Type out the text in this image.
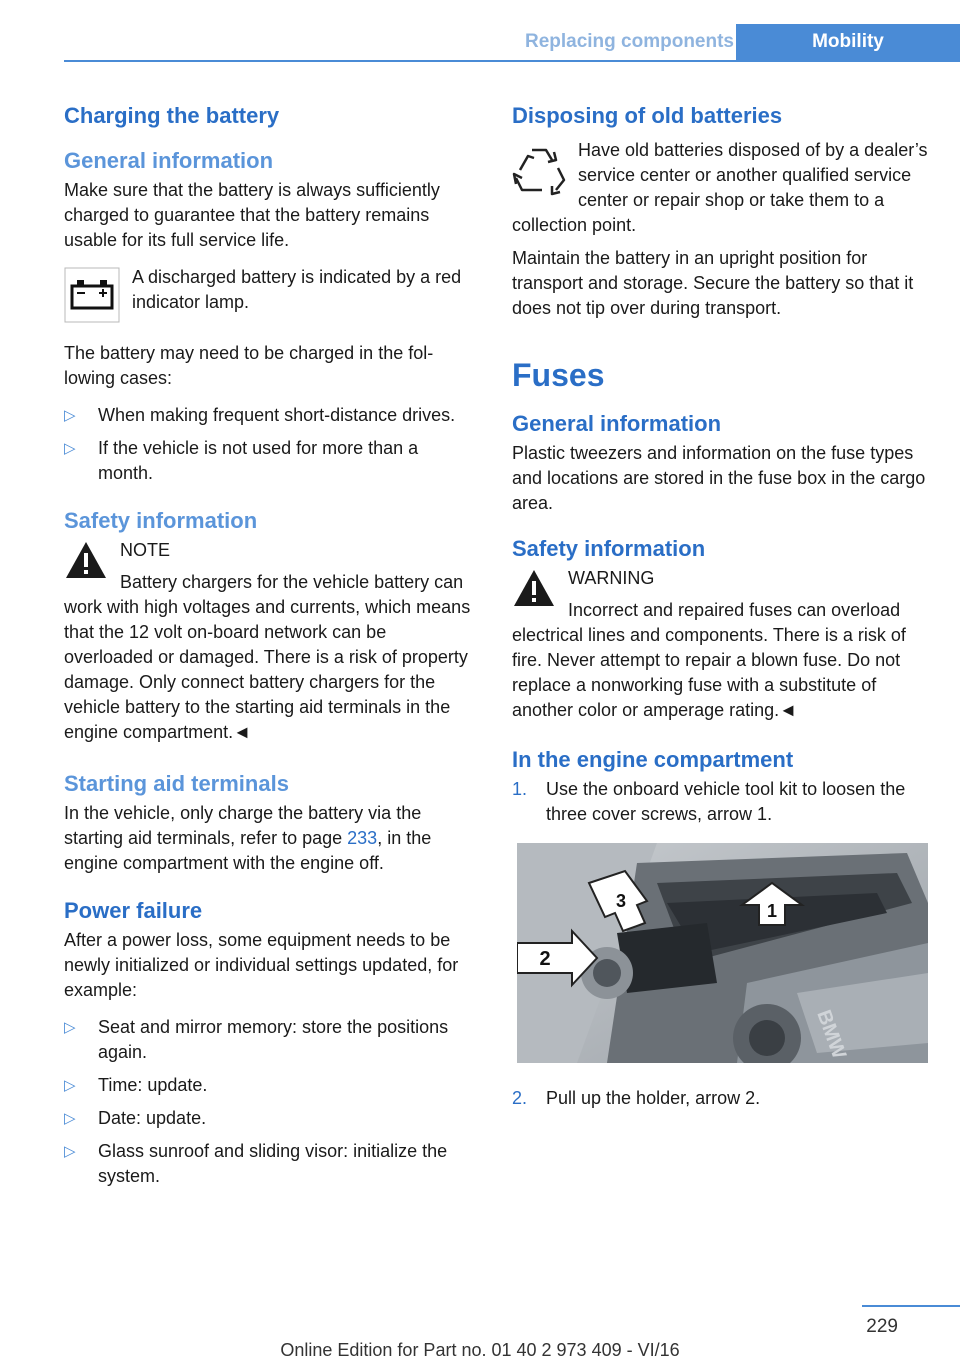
Replacing components	Mobility
Charging the battery
General information

Make sure that the battery is always sufficiently charged to guarantee that the battery remains usable for its full service life.

A discharged battery is indicated by a red indicator lamp.

The battery may need to be charged in the following cases:

▷ When making frequent short-distance drives.
▷ If the vehicle is not used for more than a month.
Safety information

NOTE
Battery chargers for the vehicle battery can work with high voltages and currents, which means that the 12 volt on-board network can be overloaded or damaged. There is a risk of property damage. Only connect battery chargers for the vehicle battery to the starting aid terminals in the engine compartment.◄

Starting aid terminals

In the vehicle, only charge the battery via the starting aid terminals, refer to page 233, in the engine compartment with the engine off.

Power failure

After a power loss, some equipment needs to be newly initialized or individual settings updated, for example:

▷ Seat and mirror memory: store the positions again.
▷ Time: update.
▷ Date: update.
▷ Glass sunroof and sliding visor: initialize the system.
Disposing of old batteries

Have old batteries disposed of by a dealer’s service center or another qualified service center or repair shop or take them to a collection point.

Maintain the battery in an upright position for transport and storage. Secure the battery so that it does not tip over during transport.

Fuses
General information

Plastic tweezers and information on the fuse types and locations are stored in the fuse box in the cargo area.

Safety information

WARNING
Incorrect and repaired fuses can overload electrical lines and components. There is a risk of fire. Never attempt to repair a blown fuse. Do not replace a nonworking fuse with a substitute of another color or amperage rating.◄

In the engine compartment
1. Use the onboard vehicle tool kit to loosen the three cover screws, arrow 1.
BMW
1
2
3
2. Pull up the holder, arrow 2.
229
Online Edition for Part no. 01 40 2 973 409 - VI/16
